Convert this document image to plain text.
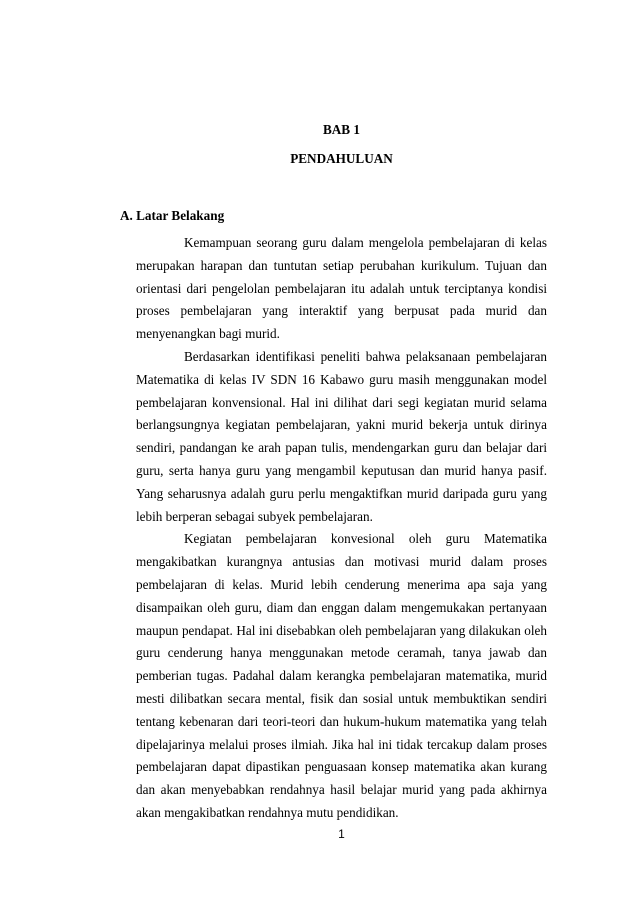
BAB 1
PENDAHULUAN
A. Latar Belakang

Kemampuan seorang guru dalam mengelola pembelajaran di kelas merupakan harapan dan tuntutan setiap perubahan kurikulum. Tujuan dan orientasi dari pengelolan pembelajaran itu adalah untuk terciptanya kondisi proses pembelajaran yang interaktif yang berpusat pada murid dan menyenangkan bagi murid.

Berdasarkan identifikasi peneliti bahwa pelaksanaan pembelajaran Matematika di kelas IV SDN 16 Kabawo guru masih menggunakan model pembelajaran konvensional. Hal ini dilihat dari segi kegiatan murid selama berlangsungnya kegiatan pembelajaran, yakni murid bekerja untuk dirinya sendiri, pandangan ke arah papan tulis, mendengarkan guru dan belajar dari guru, serta hanya guru yang mengambil keputusan dan murid hanya pasif. Yang seharusnya adalah guru perlu mengaktifkan murid daripada guru yang lebih berperan sebagai subyek pembelajaran.

Kegiatan pembelajaran konvesional oleh guru Matematika mengakibatkan kurangnya antusias dan motivasi murid dalam proses pembelajaran di kelas. Murid lebih cenderung menerima apa saja yang disampaikan oleh guru, diam dan enggan dalam mengemukakan pertanyaan maupun pendapat. Hal ini disebabkan oleh pembelajaran yang dilakukan oleh guru cenderung hanya menggunakan metode ceramah, tanya jawab dan pemberian tugas. Padahal dalam kerangka pembelajaran matematika, murid mesti dilibatkan secara mental, fisik dan sosial untuk membuktikan sendiri tentang kebenaran dari teori-teori dan hukum-hukum matematika yang telah dipelajarinya melalui proses ilmiah. Jika hal ini tidak tercakup dalam proses pembelajaran dapat dipastikan penguasaan konsep matematika akan kurang dan akan menyebabkan rendahnya hasil belajar murid yang pada akhirnya akan mengakibatkan rendahnya mutu pendidikan.

1
